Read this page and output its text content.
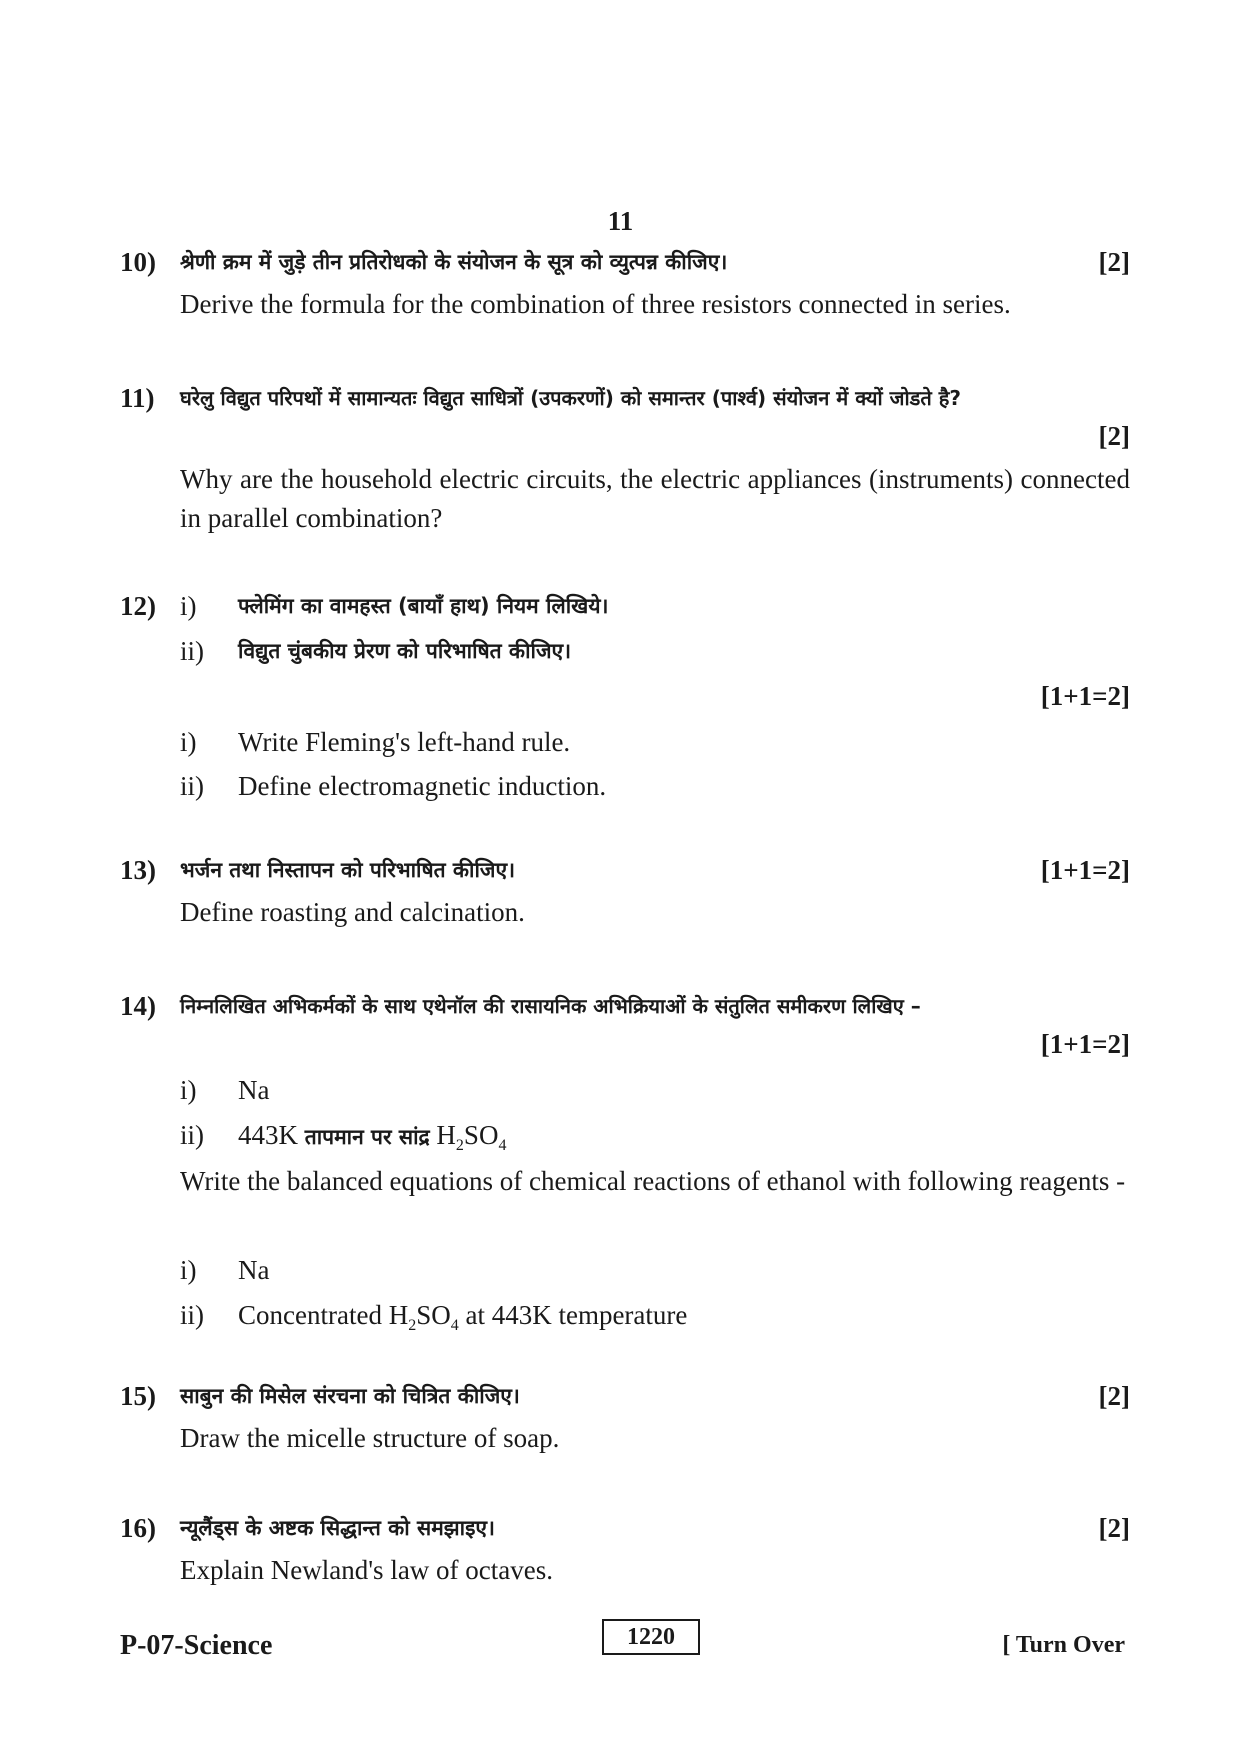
11
10) श्रेणी क्रम में जुड़े तीन प्रतिरोधको के संयोजन के सूत्र को व्युत्पन्न कीजिए।	[2]
Derive the formula for the combination of three resistors connected in series.
11) घरेलु विद्युत परिपथों में सामान्यतः विद्युत साधित्रों (उपकरणों) को समान्तर (पार्श्व) संयोजन में क्यों जोडते है?
[2]
Why are the household electric circuits, the electric appliances (instruments) connected in parallel combination?
12) i) फ्लेमिंग का वामहस्त (बायाँ हाथ) नियम लिखिये।
ii) विद्युत चुंबकीय प्रेरण को परिभाषित कीजिए।
[1+1=2]
i) Write Fleming's left-hand rule.
ii) Define electromagnetic induction.
13) भर्जन तथा निस्तापन को परिभाषित कीजिए।	[1+1=2]
Define roasting and calcination.
14) निम्नलिखित अभिकर्मकों के साथ एथेनॉल की रासायनिक अभिक्रियाओं के संतुलित समीकरण लिखिए –
[1+1=2]
i) Na
ii) 443K तापमान पर सांद्र $H_2SO_4$
Write the balanced equations of chemical reactions of ethanol with following reagents -
i) Na
ii) Concentrated $H_2SO_4$ at 443K temperature
15) साबुन की मिसेल संरचना को चित्रित कीजिए।	[2]
Draw the micelle structure of soap.
16) न्यूलैंड्स के अष्टक सिद्धान्त को समझाइए।	[2]
Explain Newland's law of octaves.
P-07-Science	1220	[ Turn Over
